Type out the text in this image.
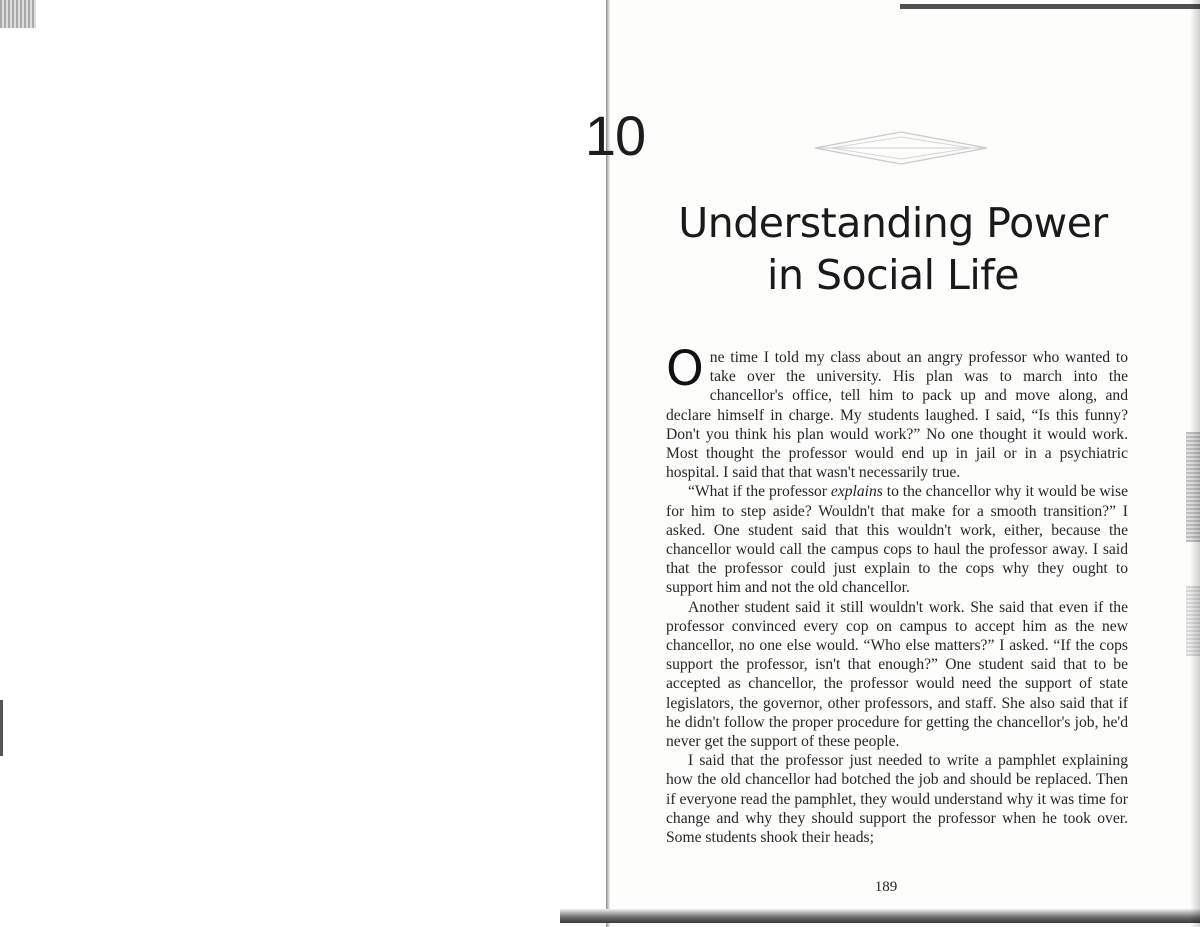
10
Understanding Power
in Social Life

One time I told my class about an angry professor who wanted to take over the university. His plan was to march into the chancellor's office, tell him to pack up and move along, and declare himself in charge. My students laughed. I said, “Is this funny? Don't you think his plan would work?” No one thought it would work. Most thought the professor would end up in jail or in a psychiatric hospital. I said that that wasn't necessarily true.

“What if the professor explains to the chancellor why it would be wise for him to step aside? Wouldn't that make for a smooth transition?” I asked. One student said that this wouldn't work, either, because the chancellor would call the campus cops to haul the professor away. I said that the professor could just explain to the cops why they ought to support him and not the old chancellor.

Another student said it still wouldn't work. She said that even if the professor convinced every cop on campus to accept him as the new chancellor, no one else would. “Who else matters?” I asked. “If the cops support the professor, isn't that enough?” One student said that to be accepted as chancellor, the professor would need the support of state legislators, the governor, other professors, and staff. She also said that if he didn't follow the proper procedure for getting the chancellor's job, he'd never get the support of these people.

I said that the professor just needed to write a pamphlet explaining how the old chancellor had botched the job and should be replaced. Then if everyone read the pamphlet, they would understand why it was time for change and why they should support the professor when he took over. Some students shook their heads;

189
